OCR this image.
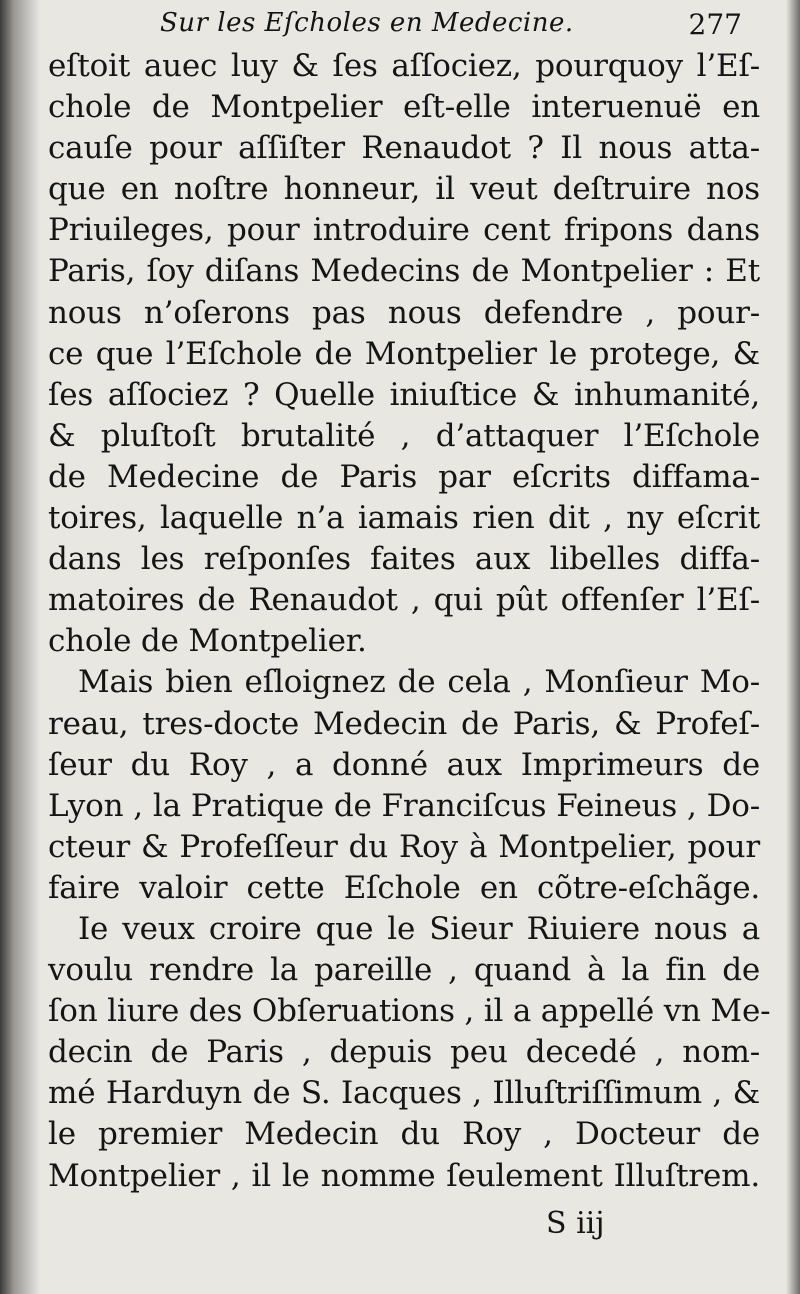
Sur les Eſcholes en Medecine.	277
eſtoit auec luy & ſes aſſociez, pourquoy l’Eſ-
chole de Montpelier eſt-elle interuenuë en
cauſe pour aſſiſter Renaudot ? Il nous atta-
que en noſtre honneur, il veut deſtruire nos
Priuileges, pour introduire cent fripons dans
Paris, ſoy diſans Medecins de Montpelier : Et
nous n’oſerons pas nous defendre , pour-
ce que l’Eſchole de Montpelier le protege, &
ſes aſſociez ? Quelle iniuſtice & inhumanité,
& pluſtoſt brutalité , d’attaquer l’Eſchole
de Medecine de Paris par eſcrits diffama-
toires, laquelle n’a iamais rien dit , ny eſcrit
dans les reſponſes faites aux libelles diffa-
matoires de Renaudot , qui pût offenſer l’Eſ-
chole de Montpelier.
Mais bien eſloignez de cela , Monſieur Mo-
reau, tres-docte Medecin de Paris, & Profeſ-
ſeur du Roy , a donné aux Imprimeurs de
Lyon , la Pratique de Franciſcus Feineus , Do-
cteur & Profeſſeur du Roy à Montpelier, pour
faire valoir cette Eſchole en cõtre-eſchãge.
Ie veux croire que le Sieur Riuiere nous a
voulu rendre la pareille , quand à la fin de
ſon liure des Obſeruations , il a appellé vn Me-
decin de Paris , depuis peu decedé , nom-
mé Harduyn de S. Iacques , Illuſtriſſimum , &
le premier Medecin du Roy , Docteur de
Montpelier , il le nomme ſeulement Illuſtrem.
S iij
